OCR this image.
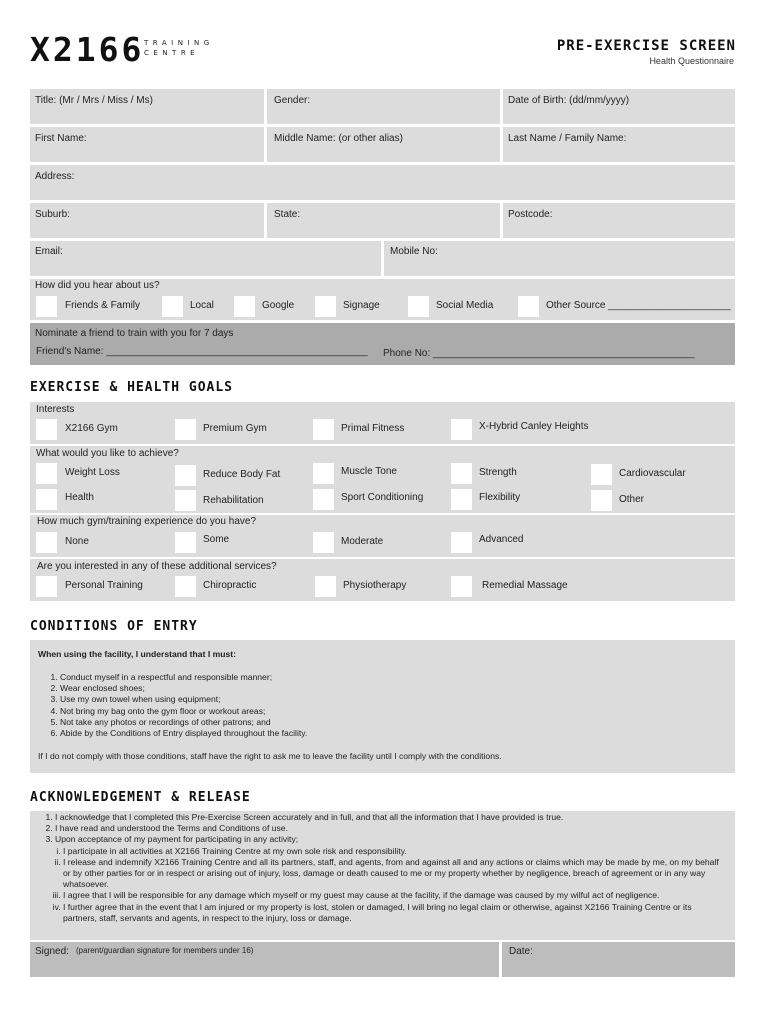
X2166 TRAINING
CENTRE	PRE-EXERCISE SCREEN
Health Questionnaire
Title: (Mr / Mrs / Miss / Ms)	Gender:	Date of Birth: (dd/mm/yyyy)
First Name:	Middle Name: (or other alias)	Last Name / Family Name:
Address:
Suburb:	State:	Postcode:
Email:	Mobile No:
How did you hear about us?
Friends & Family	Local	Google	Signage	Social Media	Other Source ______________________
Nominate a friend to train with you for 7 days
Friend's Name: _______________________________________________ Phone No: _______________________________________________
EXERCISE & HEALTH GOALS
Interests
X2166 Gym	Premium Gym	Primal Fitness	X-Hybrid Canley Heights
What would you like to achieve?
Weight Loss	Reduce Body Fat	Muscle Tone	Strength	Cardiovascular
Health	Rehabilitation	Sport Conditioning	Flexibility	Other
How much gym/training experience do you have?
None	Some	Moderate	Advanced
Are you interested in any of these additional services?
Personal Training	Chiropractic	Physiotherapy	Remedial Massage
CONDITIONS OF ENTRY
When using the facility, I understand that I must:
1. Conduct myself in a respectful and responsible manner;
2. Wear enclosed shoes;
3. Use my own towel when using equipment;
4. Not bring my bag onto the gym floor or workout areas;
5. Not take any photos or recordings of other patrons; and
6. Abide by the Conditions of Entry displayed throughout the facility.
If I do not comply with those conditions, staff have the right to ask me to leave the facility until I comply with the conditions.
ACKNOWLEDGEMENT & RELEASE
1. I acknowledge that I completed this Pre-Exercise Screen accurately and in full, and that all the information that I have provided is true.
2. I have read and understood the Terms and Conditions of use.
3. Upon acceptance of my payment for participating in any activity;
i. I participate in all activities at X2166 Training Centre at my own sole risk and responsibility.
ii. I release and indemnify X2166 Training Centre and all its partners, staff, and agents, from and against all and any actions or claims which may be made by me, on my behalf or by other parties for or in respect or arising out of injury, loss, damage or death caused to me or my property whether by negligence, breach of agreement or in any way whatsoever.
iii. I agree that I will be responsible for any damage which myself or my guest may cause at the facility, if the damage was caused by my wilful act of negligence.
iv. I further agree that in the event that I am injured or my property is lost, stolen or damaged, I will bring no legal claim or otherwise, against X2166 Training Centre or its partners, staff, servants and agents, in respect to the injury, loss or damage.
Signed: (parent/guardian signature for members under 16)	Date:
